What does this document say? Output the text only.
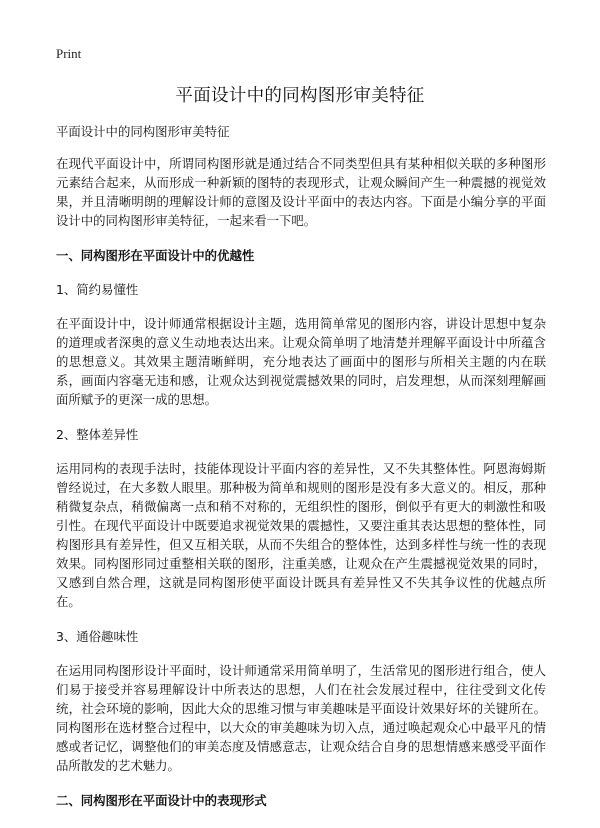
Print
平面设计中的同构图形审美特征

平面设计中的同构图形审美特征

在现代平面设计中，所谓同构图形就是通过结合不同类型但具有某种相似关联的多种图形元素结合起来，从而形成一种新颖的图特的表现形式，让观众瞬间产生一种震撼的视觉效果，并且清晰明朗的理解设计师的意图及设计平面中的表达内容。下面是小编分享的平面设计中的同构图形审美特征，一起来看一下吧。

一、同构图形在平面设计中的优越性

1、简约易懂性

在平面设计中，设计师通常根据设计主题，选用简单常见的图形内容，讲设计思想中复杂的道理或者深奥的意义生动地表达出来。让观众简单明了地清楚并理解平面设计中所蕴含的思想意义。其效果主题清晰鲜明，充分地表达了画面中的图形与所相关主题的内在联系，画面内容毫无违和感，让观众达到视觉震撼效果的同时，启发理想，从而深刻理解画面所赋予的更深一成的思想。

2、整体差异性

运用同构的表现手法时，技能体现设计平面内容的差异性，又不失其整体性。阿恩海姆斯曾经说过，在大多数人眼里。那种极为简单和规则的图形是没有多大意义的。相反，那种稍微复杂点，稍微偏离一点和稍不对称的，无组织性的图形，倒似乎有更大的刺激性和吸引性。在现代平面设计中既要追求视觉效果的震撼性，又要注重其表达思想的整体性，同构图形具有差异性，但又互相关联，从而不失组合的整体性，达到多样性与统一性的表现效果。同构图形同过重整相关联的图形，注重美感，让观众在产生震撼视觉效果的同时，又感到自然合理，这就是同构图形使平面设计既具有差异性又不失其争议性的优越点所在。

3、通俗趣味性

在运用同构图形设计平面时，设计师通常采用简单明了，生活常见的图形进行组合，使人们易于接受并容易理解设计中所表达的思想，人们在社会发展过程中，往往受到文化传统，社会环境的影响，因此大众的思维习惯与审美趣味是平面设计效果好坏的关键所在。同构图形在选材整合过程中，以大众的审美趣味为切入点，通过唤起观众心中最平凡的情感或者记忆，调整他们的审美态度及情感意志，让观众结合自身的思想情感来感受平面作品所散发的艺术魅力。

二、同构图形在平面设计中的表现形式
